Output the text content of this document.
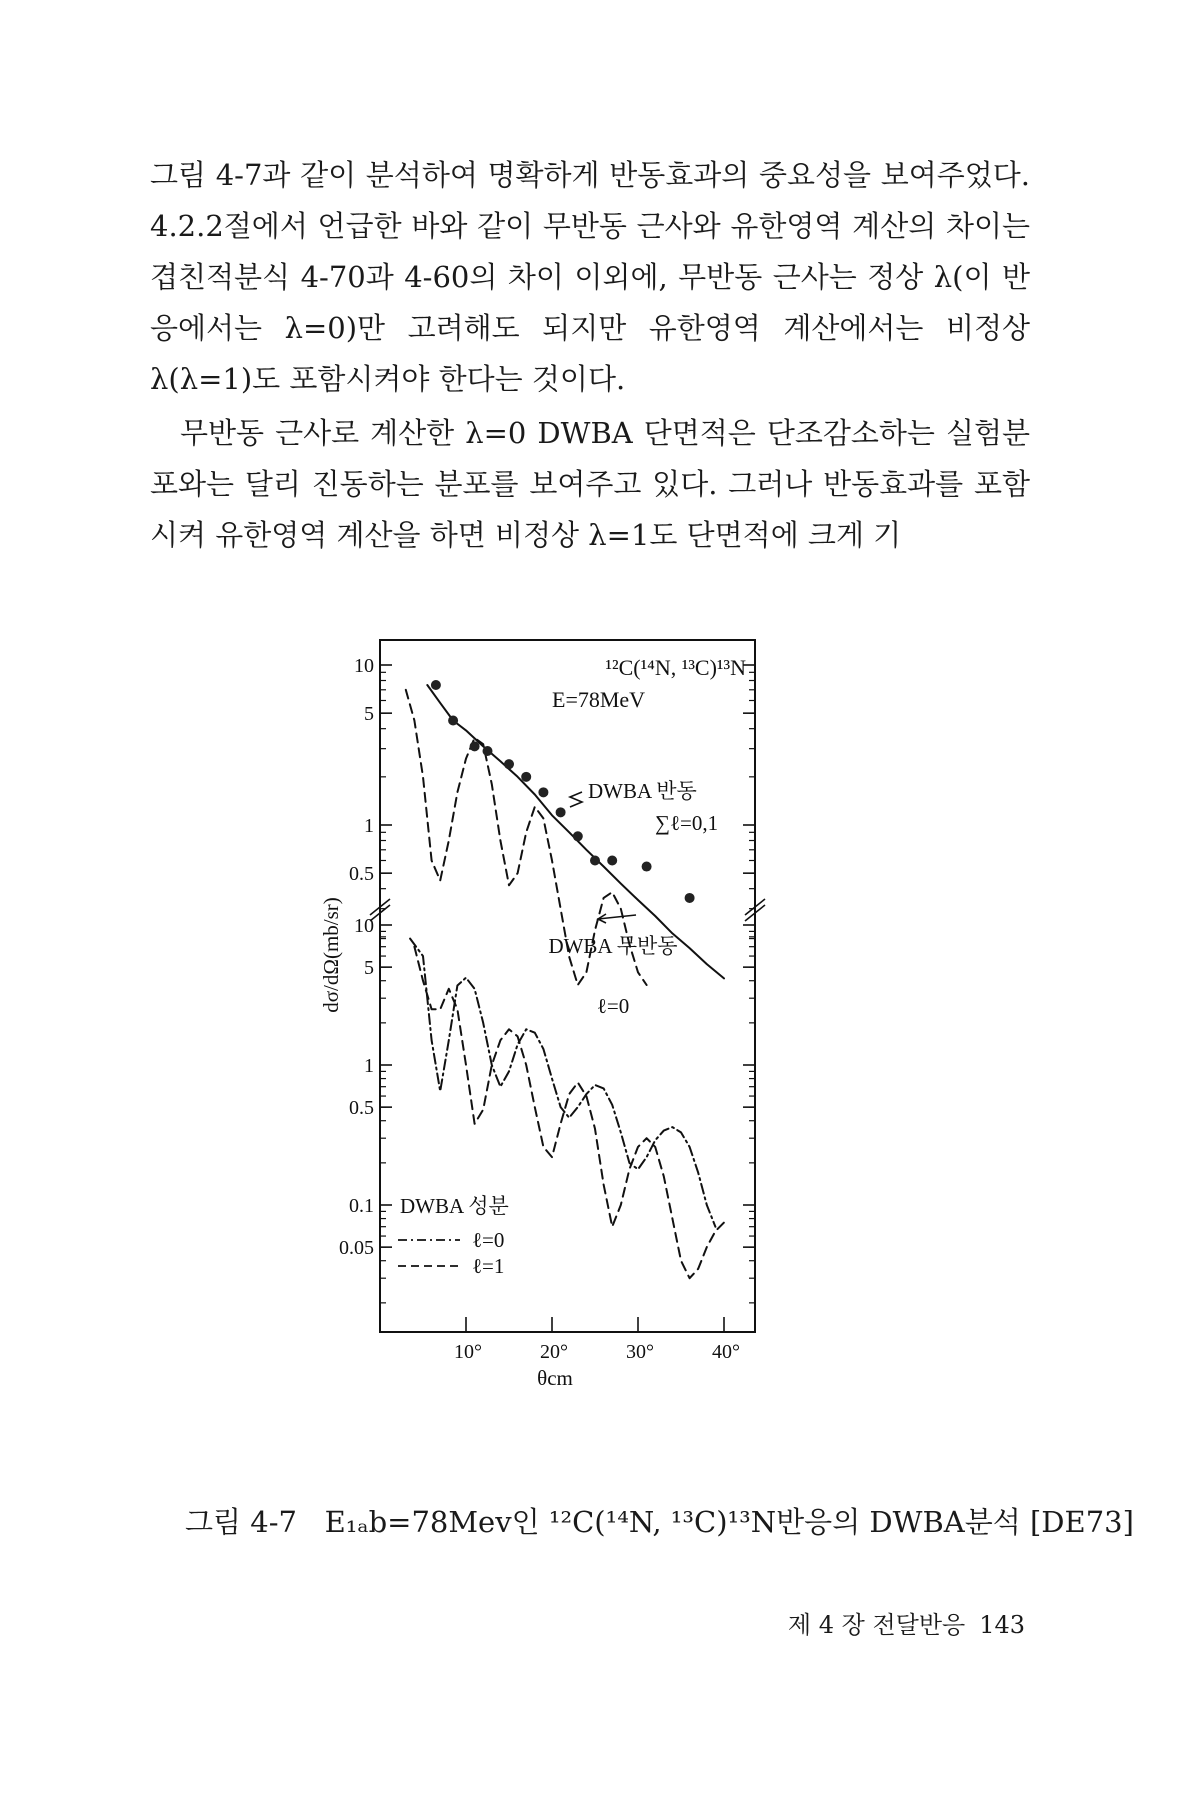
그림 4-7과 같이 분석하여 명확하게 반동효과의 중요성을 보여주었다. 4.2.2절에서 언급한 바와 같이 무반동 근사와 유한영역 계산의 차이는 겹친적분식 4-70과 4-60의 차이 이외에, 무반동 근사는 정상 λ(이 반응에서는 λ=0)만 고려해도 되지만 유한영역 계산에서는 비정상 λ(λ=1)도 포함시켜야 한다는 것이다.

무반동 근사로 계산한 λ=0 DWBA 단면적은 단조감소하는 실험분포와는 달리 진동하는 분포를 보여주고 있다. 그러나 반동효과를 포함시켜 유한영역 계산을 하면 비정상 λ=1도 단면적에 크게 기

10
5
1
0.5
10
5
1
0.5
0.1
0.05
10°	20°	30°	40°
dσ/dΩ(mb/sr)
¹²C(¹⁴N, ¹³C)¹³N
E=78MeV
DWBA 반동
∑ℓ=0,1
DWBA 무반동
ℓ=0
DWBA 성분
ℓ=0
ℓ=1
θcm
그림 4-7 E₁ₐb=78Mev인 ¹²C(¹⁴N, ¹³C)¹³N반응의 DWBA분석 [DE73]
제 4 장 전달반응 143
